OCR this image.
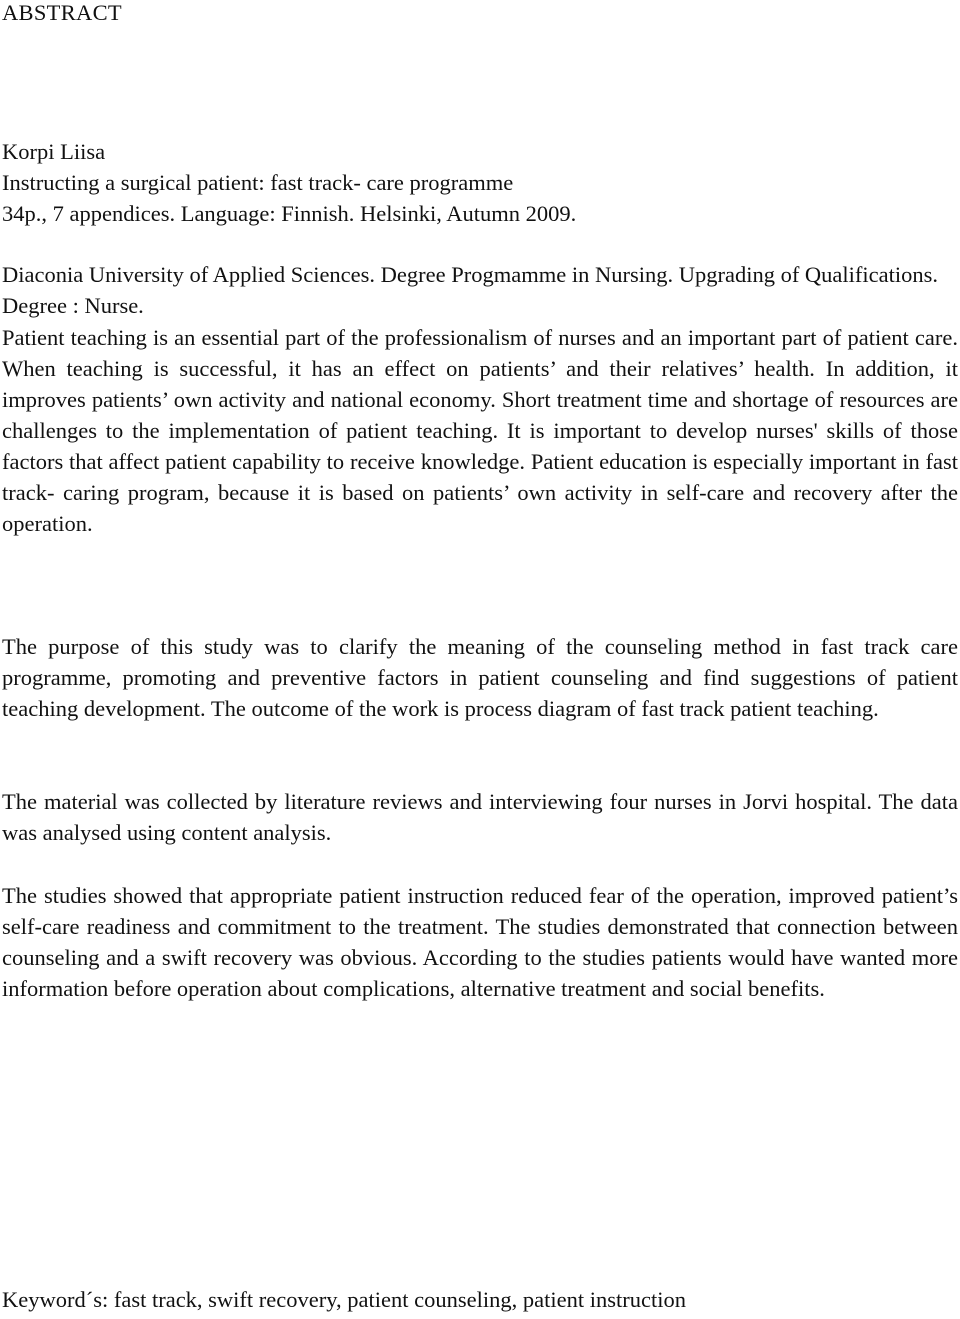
ABSTRACT
Korpi Liisa
Instructing a surgical patient: fast track- care programme
34p., 7 appendices. Language: Finnish. Helsinki, Autumn 2009.
Diaconia University of Applied Sciences. Degree Progmamme in Nursing. Upgrading of Qualifications. Degree : Nurse.

Patient teaching is an essential part of the professionalism of nurses and an important part of patient care. When teaching is successful, it has an effect on patients’ and their relatives’ health. In addition, it improves patients’ own activity and national economy. Short treatment time and shortage of resources are challenges to the implementation of patient teaching. It is important to develop nurses' skills of those factors that affect patient capability to receive knowledge. Patient education is especially important in fast track- caring program, because it is based on patients’ own activity in self-care and recovery after the operation.

The purpose of this study was to clarify the meaning of the counseling method in fast track care programme, promoting and preventive factors in patient counseling and find suggestions of patient teaching development. The outcome of the work is process diagram of fast track patient teaching.

The material was collected by literature reviews and interviewing four nurses in Jorvi hospital. The data was analysed using content analysis.

The studies showed that appropriate patient instruction reduced fear of the operation, improved patient’s self-care readiness and commitment to the treatment. The studies demonstrated that connection between counseling and a swift recovery was obvious. According to the studies patients would have wanted more information before operation about complications, alternative treatment and social benefits.

Keyword´s: fast track, swift recovery, patient counseling, patient instruction
